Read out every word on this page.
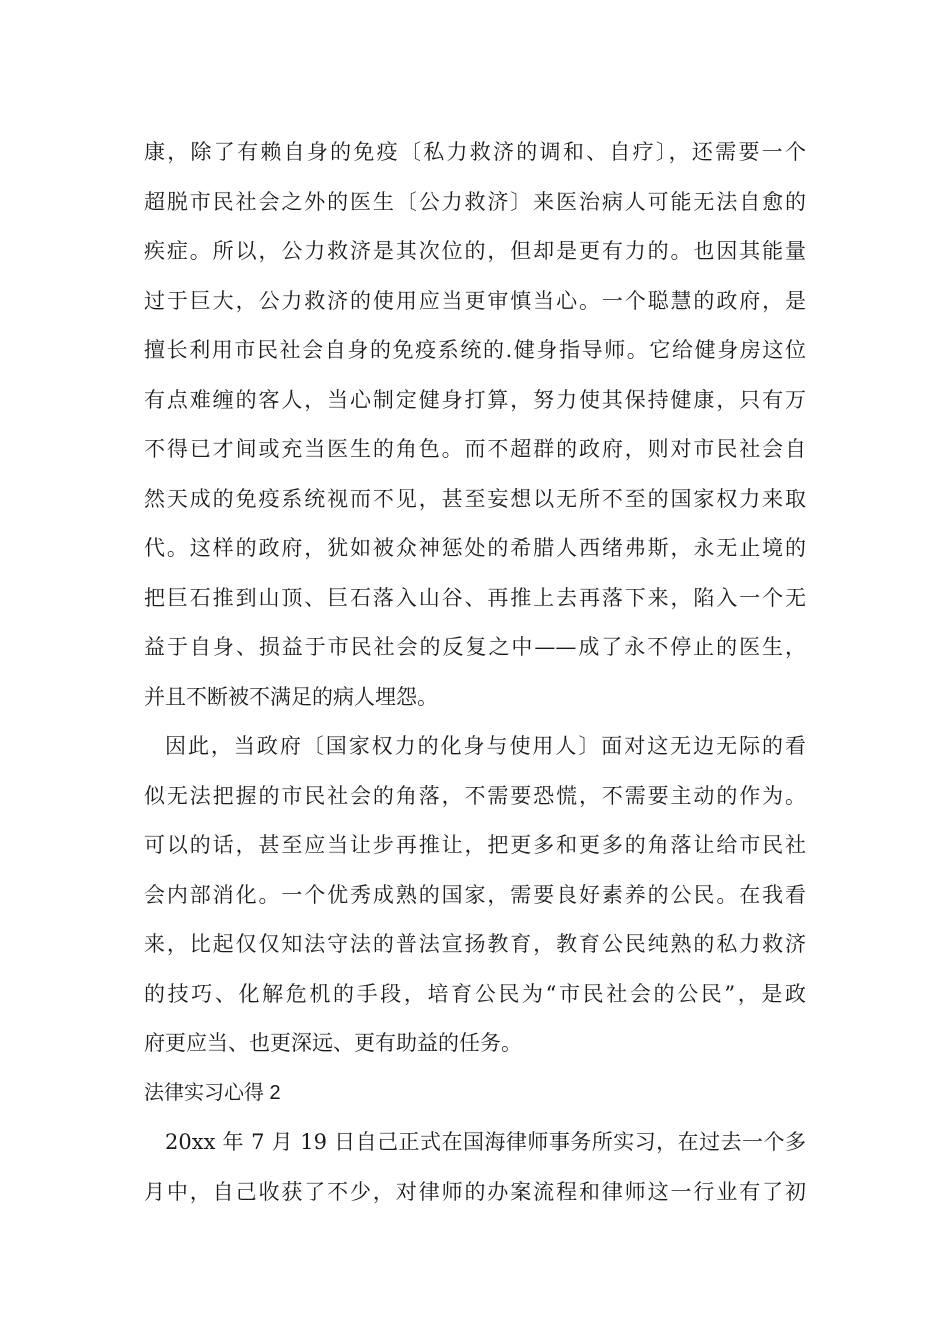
康，除了有赖自身的免疫〔私力救济的调和、自疗〕，还需要一个
超脱市民社会之外的医生〔公力救济〕来医治病人可能无法自愈的
疾症。所以，公力救济是其次位的，但却是更有力的。也因其能量
过于巨大，公力救济的使用应当更审慎当心。一个聪慧的政府，是
擅长利用市民社会自身的免疫系统的.健身指导师。它给健身房这位
有点难缠的客人，当心制定健身打算，努力使其保持健康，只有万
不得已才间或充当医生的角色。而不超群的政府，则对市民社会自
然天成的免疫系统视而不见，甚至妄想以无所不至的国家权力来取
代。这样的政府，犹如被众神惩处的希腊人西绪弗斯，永无止境的
把巨石推到山顶、巨石落入山谷、再推上去再落下来，陷入一个无
益于自身、损益于市民社会的反复之中——成了永不停止的医生，
并且不断被不满足的病人埋怨。
因此，当政府〔国家权力的化身与使用人〕面对这无边无际的看
似无法把握的市民社会的角落，不需要恐慌，不需要主动的作为。
可以的话，甚至应当让步再推让，把更多和更多的角落让给市民社
会内部消化。一个优秀成熟的国家，需要良好素养的公民。在我看
来，比起仅仅知法守法的普法宣扬教育，教育公民纯熟的私力救济
的技巧、化解危机的手段，培育公民为“市民社会的公民”，是政
府更应当、也更深远、更有助益的任务。
法律实习心得 2
20xx 年 7 月 19 日自己正式在国海律师事务所实习，在过去一个多
月中，自己收获了不少，对律师的办案流程和律师这一行业有了初
